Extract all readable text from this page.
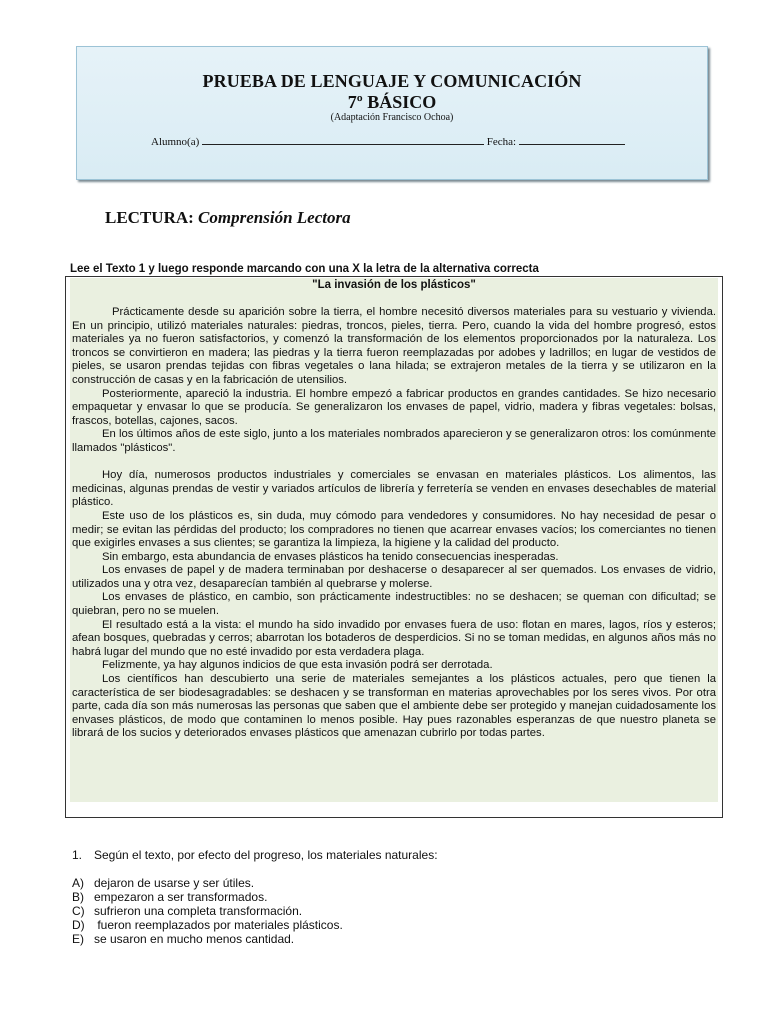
PRUEBA DE LENGUAJE Y COMUNICACIÓN
7º BÁSICO
(Adaptación Francisco Ochoa)
Alumno(a)	Fecha:
LECTURA: Comprensión Lectora
Lee el Texto 1 y luego responde marcando con una X la letra de la alternativa correcta
"La invasión de los plásticos"

Prácticamente desde su aparición sobre la tierra, el hombre necesitó diversos materiales para su vestuario y vivienda. En un principio, utilizó materiales naturales: piedras, troncos, pieles, tierra. Pero, cuando la vida del hombre progresó, estos materiales ya no fueron satisfactorios, y comenzó la transformación de los elementos proporcionados por la naturaleza. Los troncos se convirtieron en madera; las piedras y la tierra fueron reemplazadas por adobes y ladrillos; en lugar de vestidos de pieles, se usaron prendas tejidas con fibras vegetales o lana hilada; se extrajeron metales de la tierra y se utilizaron en la construcción de casas y en la fabricación de utensilios.

Posteriormente, apareció la industria. El hombre empezó a fabricar productos en grandes cantidades. Se hizo necesario empaquetar y envasar lo que se producía. Se generalizaron los envases de papel, vidrio, madera y fibras vegetales: bolsas, frascos, botellas, cajones, sacos.

En los últimos años de este siglo, junto a los materiales nombrados aparecieron y se generalizaron otros: los comúnmente llamados "plásticos".

Hoy día, numerosos productos industriales y comerciales se envasan en materiales plásticos. Los alimentos, las medicinas, algunas prendas de vestir y variados artículos de librería y ferretería se venden en envases desechables de material plástico.

Este uso de los plásticos es, sin duda, muy cómodo para vendedores y consumidores. No hay necesidad de pesar o medir; se evitan las pérdidas del producto; los compradores no tienen que acarrear envases vacíos; los comerciantes no tienen que exigirles envases a sus clientes; se garantiza la limpieza, la higiene y la calidad del producto.

Sin embargo, esta abundancia de envases plásticos ha tenido consecuencias inesperadas.

Los envases de papel y de madera terminaban por deshacerse o desaparecer al ser quemados. Los envases de vidrio, utilizados una y otra vez, desaparecían también al quebrarse y molerse.

Los envases de plástico, en cambio, son prácticamente indestructibles: no se deshacen; se queman con dificultad; se quiebran, pero no se muelen.

El resultado está a la vista: el mundo ha sido invadido por envases fuera de uso: flotan en mares, lagos, ríos y esteros; afean bosques, quebradas y cerros; abarrotan los botaderos de desperdicios. Si no se toman medidas, en algunos años más no habrá lugar del mundo que no esté invadido por esta verdadera plaga.

Felizmente, ya hay algunos indicios de que esta invasión podrá ser derrotada.

Los científicos han descubierto una serie de materiales semejantes a los plásticos actuales, pero que tienen la característica de ser biodesagradables: se deshacen y se transforman en materias aprovechables por los seres vivos. Por otra parte, cada día son más numerosas las personas que saben que el ambiente debe ser protegido y manejan cuidadosamente los envases plásticos, de modo que contaminen lo menos posible. Hay pues razonables esperanzas de que nuestro planeta se librará de los sucios y deteriorados envases plásticos que amenazan cubrirlo por todas partes.

1. Según el texto, por efecto del progreso, los materiales naturales:
A) dejaron de usarse y ser útiles.
B) empezaron a ser transformados.
C) sufrieron una completa transformación.
D) fueron reemplazados por materiales plásticos.
E) se usaron en mucho menos cantidad.
